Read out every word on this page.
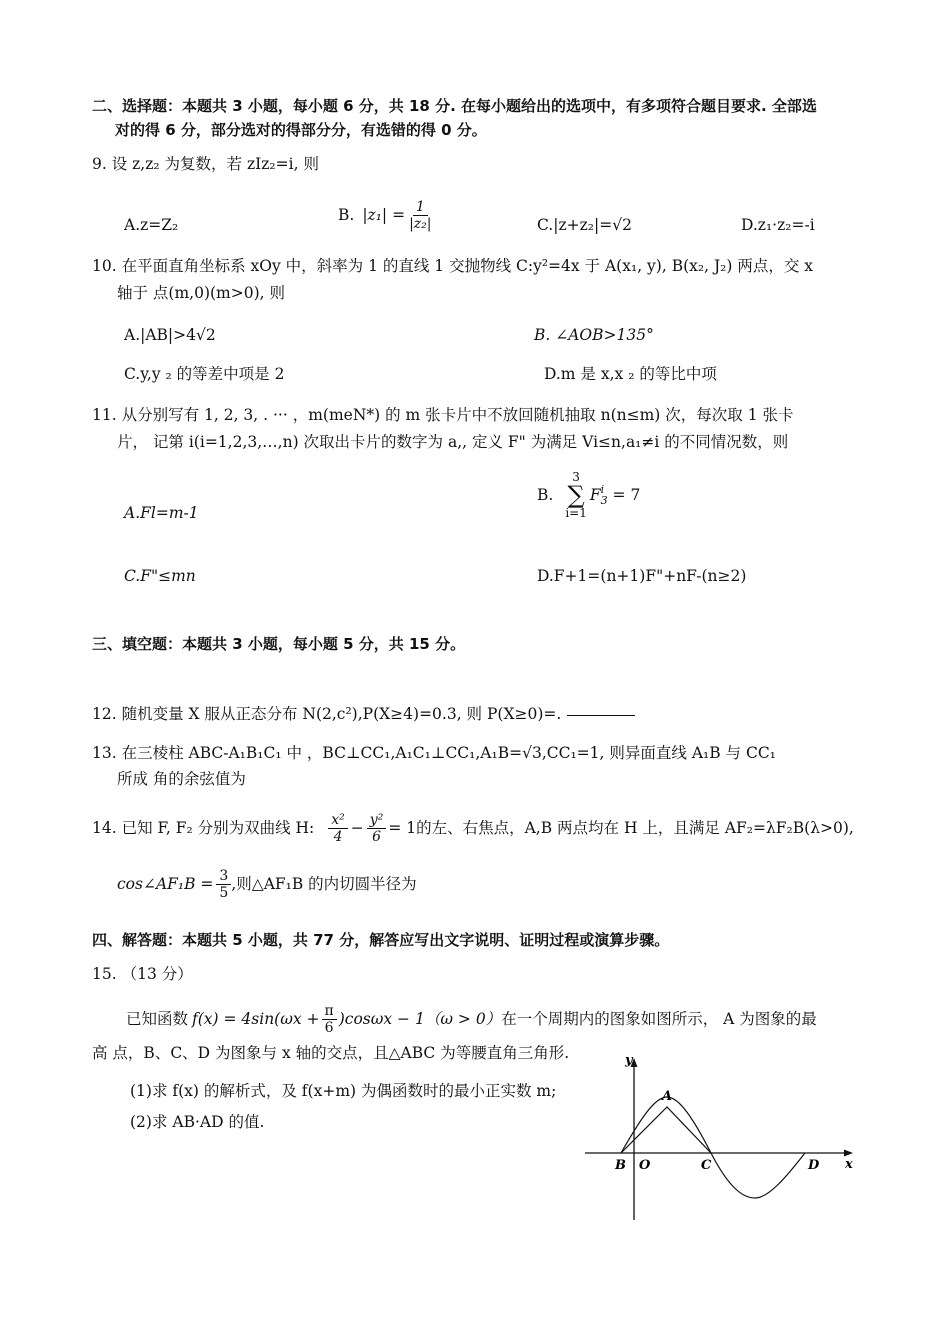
二、选择题：本题共 3 小题，每小题 6 分，共 18 分. 在每小题给出的选项中，有多项符合题目要求. 全部选
对的得 6 分，部分选对的得部分分，有选错的得 0 分。
9. 设 z,z₂ 为复数，若 zIz₂=i, 则
A.z=Z₂
B. $|z_1| = \frac{1}{\text{|z₂|}}$	C.|z+z₂|=√2	D.z₁·z₂=-i
10. 在平面直角坐标系 xOy 中，斜率为 1 的直线 1 交抛物线 C:y²=4x 于 A(x₁, y), B(x₂, J₂) 两点，交 x
轴于 点(m,0)(m>0), 则
A.|AB|>4√2	B. ∠AOB>135°
C.y,y ₂ 的等差中项是 2	D.m 是 x,x ₂ 的等比中项
11. 从分别写有 1, 2, 3, . ··· ，m(meN*) 的 m 张卡片中不放回随机抽取 n(n≤m) 次，每次取 1 张卡
片， 记第 i(i=1,2,3,…,n) 次取出卡片的数字为 a,, 定义 F" 为满足 Vi≤n,a₁≠i 的不同情况数，则
A.Fl=m-1
B.
3
∑
i=1
F i
3 = 7
C.F"≤mn	D.F+1=(n+1)F"+nF-(n≥2)
三、填空题：本题共 3 小题，每小题 5 分，共 15 分。
12. 随机变量 X 服从正态分布 N(2,c²),P(X≥4)=0.3, 则 P(X≥0)=.
13. 在三棱柱 ABC-A₁B₁C₁ 中 ，BC⊥CC₁,A₁C₁⊥CC₁,A₁B=√3,CC₁=1, 则异面直线 A₁B 与 CC₁
所成 角的余弦值为
14. 已知 F, F₂ 分别为双曲线 H: $\frac{\text{x²}}{4} - \frac{\text{y²}}{6} = 1$ 的左、右焦点，A,B 两点均在 H 上，且满足 AF₂=λF₂B(λ>0),
cos∠AF₁B = $\frac{3}{5}$ ,则△AF₁B 的内切圆半径为
四、解答题：本题共 5 小题，共 77 分，解答应写出文字说明、证明过程或演算步骤。
15. （13 分）
已知函数 $f(x) = 4\sin(\omega x + \frac{\pi}{6} )\cos\omega x - 1(\omega > 0)$ 在一个周期内的图象如图所示， A 为图象的最
高 点，B、C、D 为图象与 x 轴的交点，且△ABC 为等腰直角三角形.
(1)求 f(x) 的解析式，及 f(x+m) 为偶函数时的最小正实数 m;
(2)求 AB·AD 的值.
y
x
A
B O	C	D
